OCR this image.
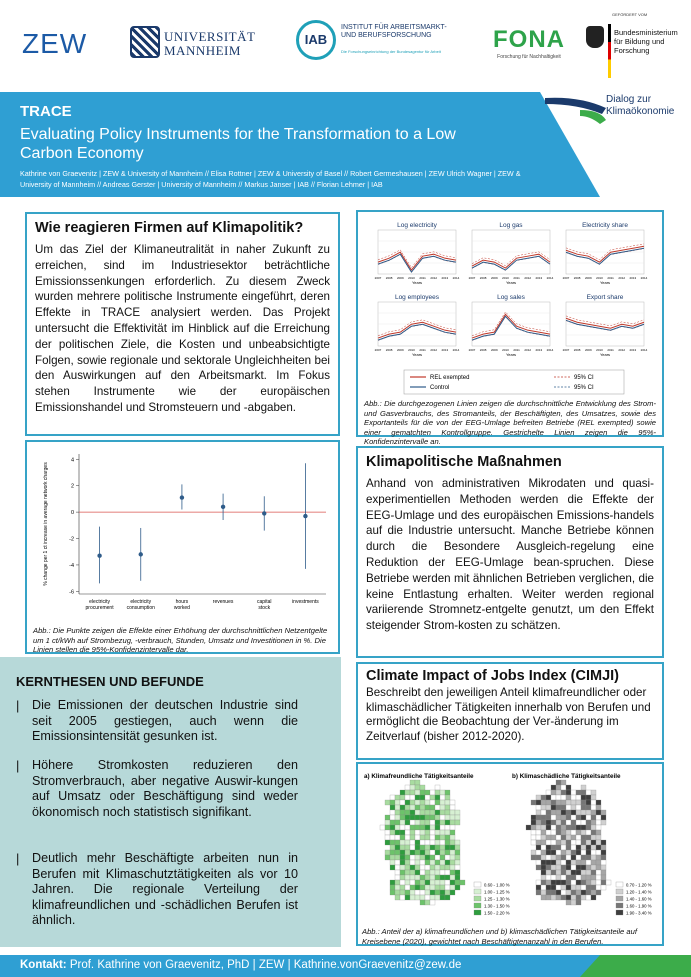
ZEW	UNIVERSITÄT
MANNHEIM
IAB
INSTITUT FÜR ARBEITSMARKT- UND BERUFSFORSCHUNG
Die Forschungseinrichtung der Bundesagentur für Arbeit	FONA
Forschung für Nachhaltigkeit
GEFÖRDERT VOM
Bundesministerium für Bildung und Forschung
TRACE
Evaluating Policy Instruments for the Transformation to a Low Carbon Economy
Kathrine von Graevenitz | ZEW & University of Mannheim // Elisa Rottner | ZEW & University of Basel // Robert Germeshausen | ZEW Ulrich Wagner | ZEW & University of Mannheim // Andreas Gerster | University of Mannheim // Markus Janser | IAB // Florian Lehmer | IAB
Dialog zur Klimaökonomie
Wie reagieren Firmen auf Klimapolitik?
Um das Ziel der Klimaneutralität in naher Zukunft zu erreichen, sind im Industriesektor beträchtliche Emissionssenkungen erforderlich. Zu diesem Zweck wurden mehrere politische Instrumente eingeführt, deren Effekte in TRACE analysiert werden. Das Projekt untersucht die Effektivität im Hinblick auf die Erreichung der politischen Ziele, die Kosten und unbeabsichtigte Folgen, sowie regionale und sektorale Ungleichheiten bei den Auswirkungen auf den Arbeitsmarkt. Im Fokus stehen Instrumente wie der europäischen Emissionshandel und Stromsteuern und -abgaben.
Log electricity
2007 2008 2009 2010 2011 2012 2013 2014
Years
Log gas
2007 2008 2009 2010 2011 2012 2013 2014
Years
Electricity share
2007 2008 2009 2010 2011 2012 2013 2014
Years
Log employees
2007 2008 2009 2010 2011 2012 2013 2014
Years
Log sales
2007 2008 2009 2010 2011 2012 2013 2014
Years
Export share
2007 2008 2009 2010 2011 2012 2013 2014
Years
REL exempted
Control
95% CI
95% CI
Abb.: Die durchgezogenen Linien zeigen die durchschnittliche Entwicklung des Strom- und Gasverbrauchs, des Stromanteils, der Beschäftigten, des Umsatzes, sowie des Exportanteils für die von der EEG-Umlage befreiten Betriebe (REL exempted) sowie einer gematchten Kontrollgruppe. Gestrichelte Linien zeigen die 95%-Konfidenzintervalle an.
-6
-4
-2
0
2
4
% change per 1 ct increase in average network charges
electricity
procurement
electricity
consumption
hours
worked
revenues	capital
stock
investments
Abb.: Die Punkte zeigen die Effekte einer Erhöhung der durchschnittlichen Netzentgelte um 1 ct/kWh auf Strombezug, -verbrauch, Stunden, Umsatz und Investitionen in %. Die Linien stellen die 95%-Konfidenzintervalle dar.
Klimapolitische Maßnahmen
Anhand von administrativen Mikrodaten und quasi-experimentiellen Methoden werden die Effekte der EEG-Umlage und des europäischen Emissions-handels auf die Industrie untersucht. Manche Betriebe können durch die Besondere Ausgleich-regelung eine Reduktion der EEG-Umlage bean-spruchen. Diese Betriebe werden mit ähnlichen Betrieben verglichen, die keine Entlastung erhalten. Weiter werden regional variierende Stromnetz-entgelte genutzt, um den Effekt steigender Strom-kosten zu schätzen.
KERNTHESEN UND BEFUNDE
| Die Emissionen der deutschen Industrie sind seit 2005 gestiegen, auch wenn die Emissionsintensität gesunken ist.
| Höhere Stromkosten reduzieren den Stromverbrauch, aber negative Auswir-kungen auf Umsatz oder Beschäftigung sind weder ökonomisch noch statistisch signifikant.
| Deutlich mehr Beschäftigte arbeiten nun in Berufen mit Klimaschutztätigkeiten als vor 10 Jahren. Die regionale Verteilung der klimafreundlichen und -schädlichen Berufen ist ähnlich.
Climate Impact of Jobs Index (CIMJI)
Beschreibt den jeweiligen Anteil klimafreundlicher oder klimaschädlicher Tätigkeiten innerhalb von Berufen und ermöglicht die Beobachtung der Ver-änderung im Zeitverlauf (bisher 2012-2020).
a) Klimafreundliche Tätigkeitsanteile	b) Klimaschädliche Tätigkeitsanteile
0.60 - 1.00 %
1.00 - 1.25 %
1.25 - 1.30 %
1.30 - 1.50 %
1.50 - 2.20 %
0.70 - 1.20 %
1.20 - 1.40 %
1.40 - 1.60 %
1.60 - 1.90 %
1.90 - 3.40 %
Abb.: Anteil der a) klimafreundlichen und b) klimaschädlichen Tätigkeitsanteile auf Kreisebene (2020), gewichtet nach Beschäftigtenanzahl in den Berufen.
Kontakt: Prof. Kathrine von Graevenitz, PhD | ZEW | Kathrine.vonGraevenitz@zew.de
